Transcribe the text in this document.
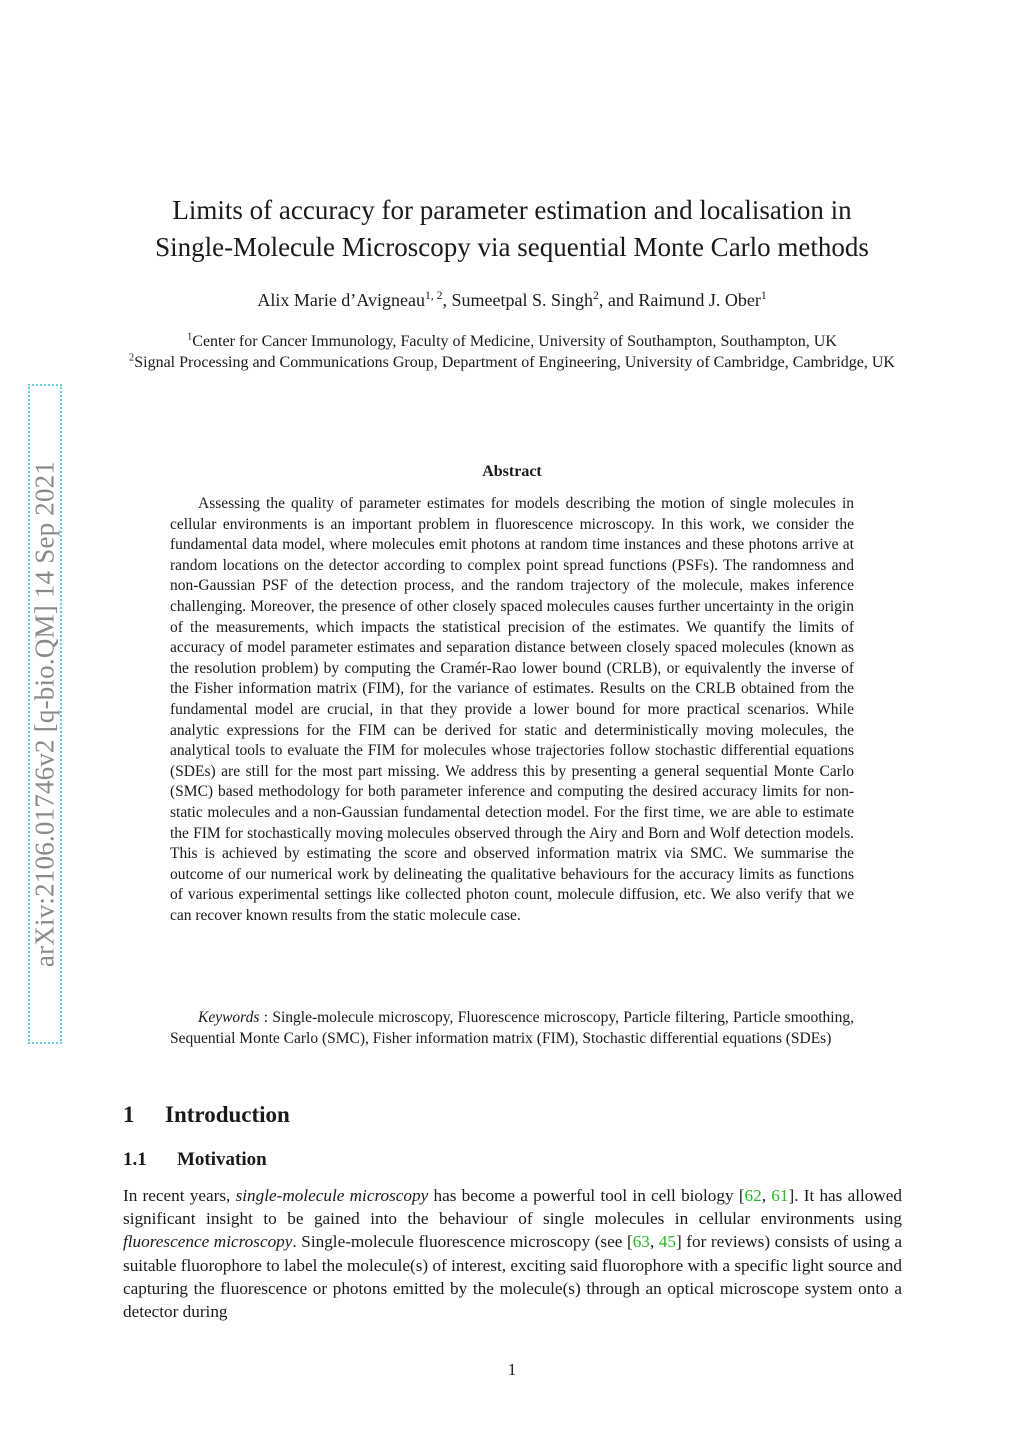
arXiv:2106.01746v2 [q-bio.QM] 14 Sep 2021
Limits of accuracy for parameter estimation and localisation in
Single-Molecule Microscopy via sequential Monte Carlo methods
Alix Marie d’Avigneau$^{1, 2}$, Sumeetpal S. Singh$^2$, and Raimund J. Ober$^1$
$^1$Center for Cancer Immunology, Faculty of Medicine, University of Southampton, Southampton, UK
$^2$Signal Processing and Communications Group, Department of Engineering, University of Cambridge, Cambridge, UK
Abstract

Assessing the quality of parameter estimates for models describing the motion of single molecules in cellular environments is an important problem in fluorescence microscopy. In this work, we consider the fundamental data model, where molecules emit photons at random time instances and these photons arrive at random locations on the detector according to complex point spread functions (PSFs). The randomness and non-Gaussian PSF of the detection process, and the random trajectory of the molecule, makes inference challenging. Moreover, the presence of other closely spaced molecules causes further uncertainty in the origin of the measurements, which impacts the statistical precision of the estimates. We quantify the limits of accuracy of model parameter estimates and separation distance between closely spaced molecules (known as the resolution problem) by computing the Cramér-Rao lower bound (CRLB), or equivalently the inverse of the Fisher information matrix (FIM), for the variance of estimates. Results on the CRLB obtained from the fundamental model are crucial, in that they provide a lower bound for more practical scenarios. While analytic expressions for the FIM can be derived for static and deterministically moving molecules, the analytical tools to evaluate the FIM for molecules whose trajectories follow stochastic differential equations (SDEs) are still for the most part missing. We address this by presenting a general sequential Monte Carlo (SMC) based methodology for both parameter inference and computing the desired accuracy limits for non-static molecules and a non-Gaussian fundamental detection model. For the first time, we are able to estimate the FIM for stochastically moving molecules observed through the Airy and Born and Wolf detection models. This is achieved by estimating the score and observed information matrix via SMC. We summarise the outcome of our numerical work by delineating the qualitative behaviours for the accuracy limits as functions of various experimental settings like collected photon count, molecule diffusion, etc. We also verify that we can recover known results from the static molecule case.

Keywords : Single-molecule microscopy, Fluorescence microscopy, Particle filtering, Particle smoothing, Sequential Monte Carlo (SMC), Fisher information matrix (FIM), Stochastic differential equations (SDEs)
1 Introduction
1.1 Motivation

In recent years, single-molecule microscopy has become a powerful tool in cell biology [62, 61]. It has allowed significant insight to be gained into the behaviour of single molecules in cellular environments using fluorescence microscopy. Single-molecule fluorescence microscopy (see [63, 45] for reviews) consists of using a suitable fluorophore to label the molecule(s) of interest, exciting said fluorophore with a specific light source and capturing the fluorescence or photons emitted by the molecule(s) through an optical microscope system onto a detector during

1
